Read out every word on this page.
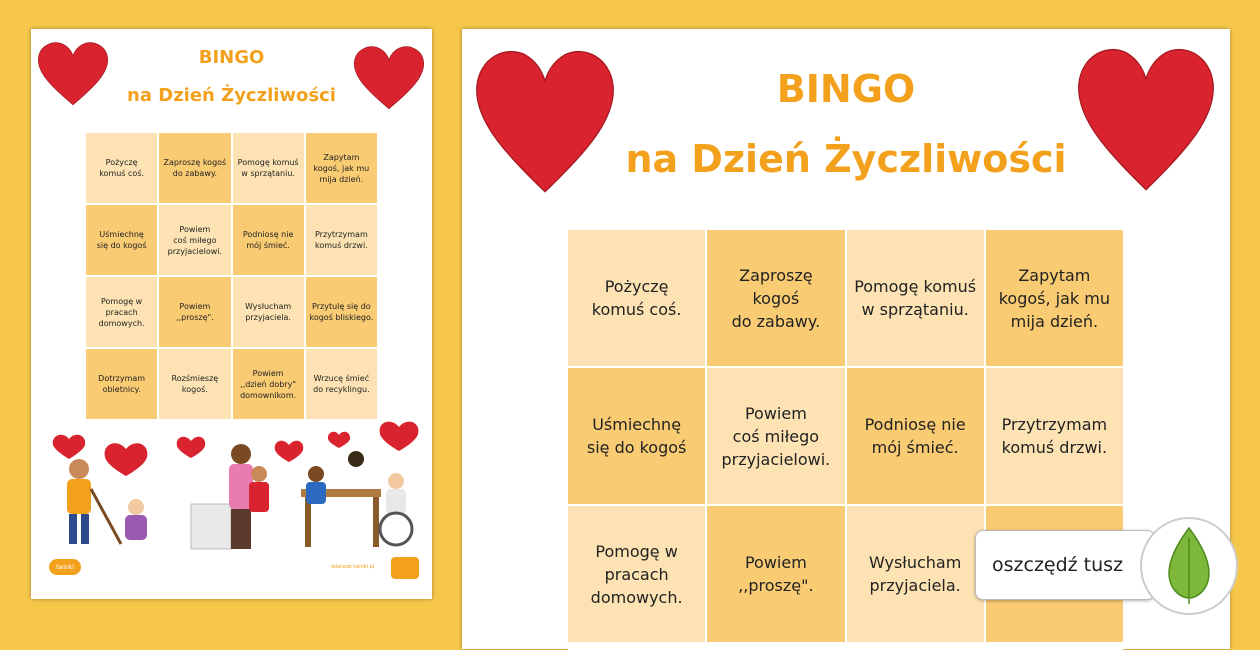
BINGO
na Dzień Życzliwości
Pożyczę
komuś coś.
Zaproszę kogoś
do zabawy.
Pomogę komuś
w sprzątaniu.
Zapytam
kogoś, jak mu
mija dzień.
Uśmiechnę
się do kogoś
Powiem
coś miłego
przyjacielowi.
Podniosę nie
mój śmieć.
Przytrzymam
komuś drzwi.
Pomogę w
pracach
domowych.
Powiem
,,proszę".
Wysłucham
przyjaciela.
Przytulę się do
kogoś bliskiego.
Dotrzymam
obietnicy.
Rozśmieszę
kogoś.
Powiem
,,dzień dobry"
domownikom.
Wrzucę śmieć
do recyklingu.
twinkl	odwiedź twinkl.pl
BINGO
na Dzień Życzliwości
Pożyczę
komuś coś.
Zaproszę kogoś
do zabawy.
Pomogę komuś
w sprzątaniu.
Zapytam
kogoś, jak mu
mija dzień.
Uśmiechnę
się do kogoś
Powiem
coś miłego
przyjacielowi.
Podniosę nie
mój śmieć.
Przytrzymam
komuś drzwi.
Pomogę w
pracach
domowych.
Powiem
,,proszę".
Wysłucham
przyjaciela.
oszczędź tusz
